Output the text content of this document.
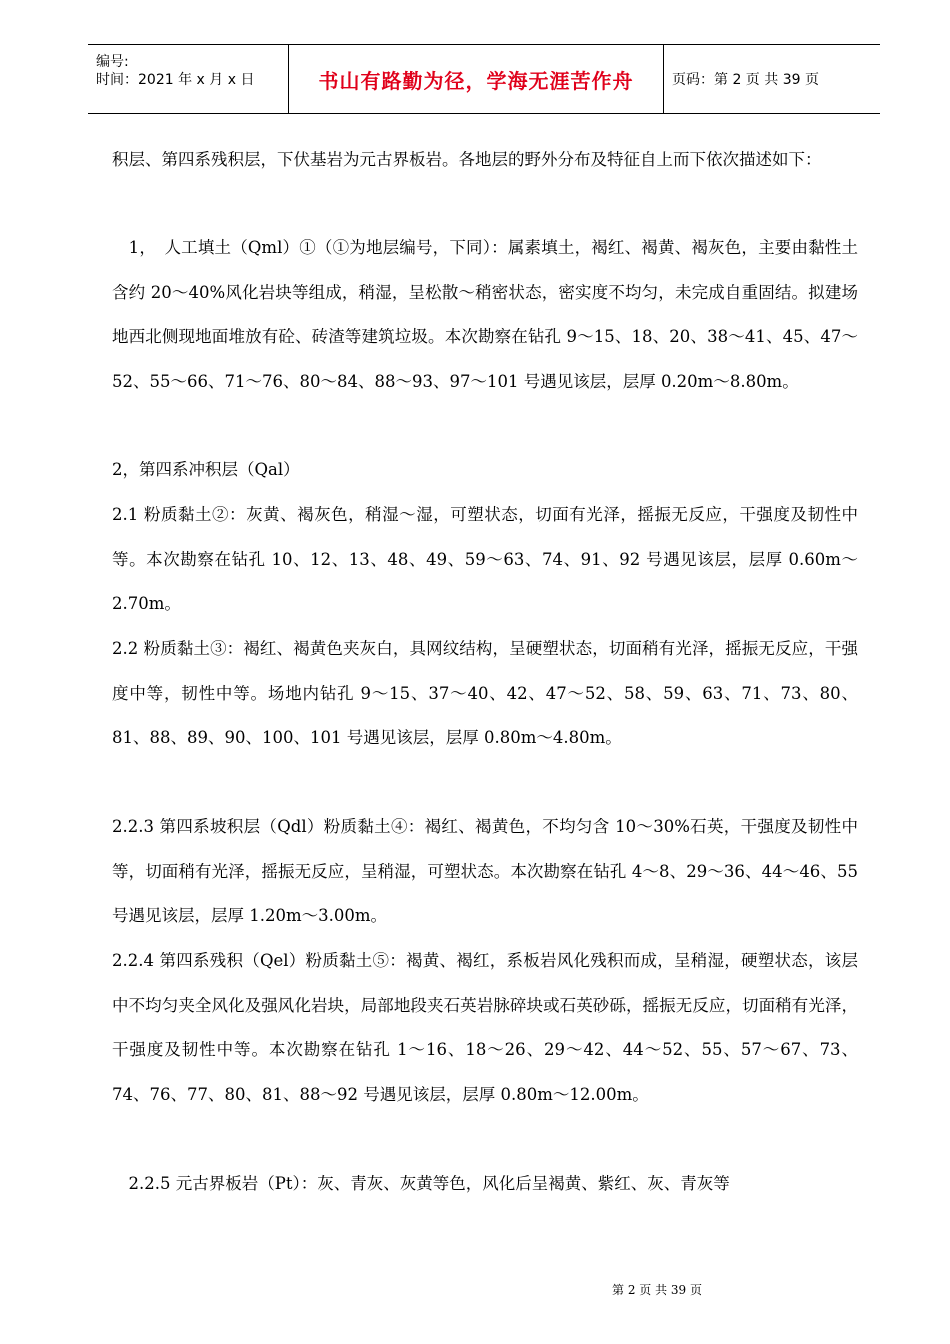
编号:
时间：2021 年 x 月 x 日	书山有路勤为径，学海无涯苦作舟	页码：第 2 页 共 39 页

积层、第四系残积层，下伏基岩为元古界板岩。各地层的野外分布及特征自上而下依次描述如下：

　1，　人工填土（Qml）①（①为地层编号，下同）：属素填土，褐红、褐黄、褐灰色，主要由黏性土含约 20～40%风化岩块等组成，稍湿，呈松散～稍密状态，密实度不均匀，未完成自重固结。拟建场地西北侧现地面堆放有砼、砖渣等建筑垃圾。本次勘察在钻孔 9～15、18、20、38～41、45、47～52、55～66、71～76、80～84、88～93、97～101 号遇见该层，层厚 0.20m～8.80m。

2，第四系冲积层（Qal）

2.1 粉质黏土②：灰黄、褐灰色，稍湿～湿，可塑状态，切面有光泽，摇振无反应，干强度及韧性中等。本次勘察在钻孔 10、12、13、48、49、59～63、74、91、92 号遇见该层，层厚 0.60m～2.70m。

2.2 粉质黏土③：褐红、褐黄色夹灰白，具网纹结构，呈硬塑状态，切面稍有光泽，摇振无反应，干强度中等，韧性中等。场地内钻孔 9～15、37～40、42、47～52、58、59、63、71、73、80、81、88、89、90、100、101 号遇见该层，层厚 0.80m～4.80m。

2.2.3 第四系坡积层（Qdl）粉质黏土④：褐红、褐黄色，不均匀含 10～30%石英，干强度及韧性中等，切面稍有光泽，摇振无反应，呈稍湿，可塑状态。本次勘察在钻孔 4～8、29～36、44～46、55 号遇见该层，层厚 1.20m～3.00m。

2.2.4 第四系残积（Qel）粉质黏土⑤：褐黄、褐红，系板岩风化残积而成，呈稍湿，硬塑状态，该层中不均匀夹全风化及强风化岩块，局部地段夹石英岩脉碎块或石英砂砾，摇振无反应，切面稍有光泽，干强度及韧性中等。本次勘察在钻孔 1～16、18～26、29～42、44～52、55、57～67、73、74、76、77、80、81、88～92 号遇见该层，层厚 0.80m～12.00m。

　2.2.5 元古界板岩（Pt）：灰、青灰、灰黄等色，风化后呈褐黄、紫红、灰、青灰等

第 2 页 共 39 页
